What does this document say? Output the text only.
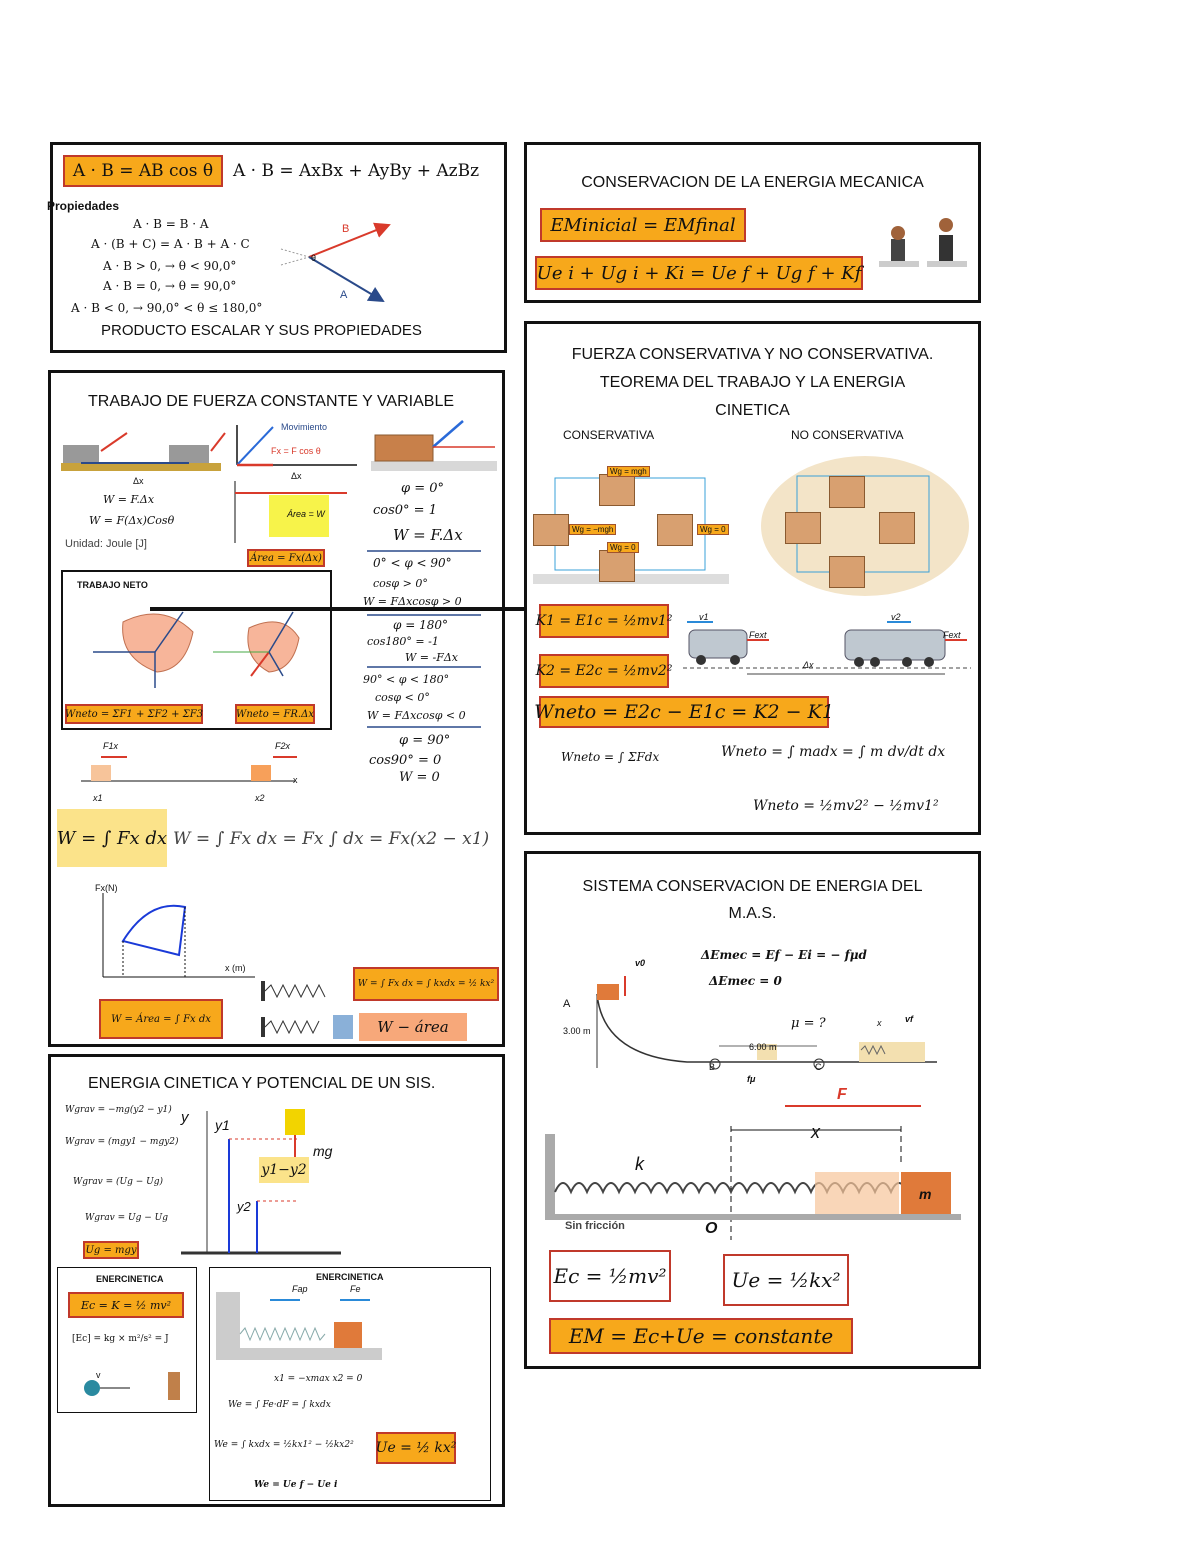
A · B = AB cos θ	A · B = AxBx + AyBy + AzBz
Propiedades
A · B = B · A
A · (B + C) = A · B + A · C
A · B > 0, → θ < 90,0°
A · B = 0, → θ = 90,0°
A · B < 0, → 90,0° < θ ≤ 180,0°
B
A
θ
PRODUCTO ESCALAR Y SUS PROPIEDADES
CONSERVACION DE LA ENERGIA MECANICA
EMinicial = EMfinal
Ue i + Ug i + Ki = Ue f + Ug f + Kf
TRABAJO DE FUERZA CONSTANTE Y VARIABLE
Δx
W = F.Δx
W = F(Δx)Cosθ
Unidad: Joule [J]
Movimiento
Fx = F cos θ
Δx
Área = W
Área = Fx(Δx)
φ = 0°
cos0° = 1
W = F.Δx
0° < φ < 90°
cosφ > 0°
W = FΔxcosφ > 0
φ = 180°
cos180° = -1
W = -FΔx
90° < φ < 180°
cosφ < 0°
W = FΔxcosφ < 0
φ = 90°
cos90° = 0
W = 0
TRABAJO NETO
Wneto = ΣF1 + ΣF2 + ΣF3	Wneto = FR.Δx
F1x	F2x
x
x1	x2
W = ∫ Fx dx W = ∫ Fx dx = Fx ∫ dx = Fx(x2 − x1)
Fx(N)
x (m)
W = Área = ∫ Fx dx
W = ∫ Fx dx = ∫ kxdx = ½ kx²
W − área
ENERGIA CINETICA Y POTENCIAL DE UN SIS.
Wgrav = −mg(y2 − y1)
Wgrav = (mgy1 − mgy2)
Wgrav = (Ug − Ug)
Wgrav = Ug − Ug
Ug = mgy
y y1
y2
mg
y1−y2
ENERCINETICA
Ec = K = ½ mv²
[Ec] = kg × m²/s² = J
v
ENERCINETICA
Fap	Fe
x1 = −xmax x2 = 0
We = ∫ Fe·dF = ∫ kxdx
We = ∫ kxdx = ½kx1² − ½kx2²
We = Ue f − Ue i
Ue = ½ kx²
FUERZA CONSERVATIVA Y NO CONSERVATIVA.
TEOREMA DEL TRABAJO Y LA ENERGIA
CINETICA
CONSERVATIVA	NO CONSERVATIVA
Wg = mgh
Wg = 0
Wg = −mgh	Wg = 0
K1 = E1c = ½mv1²
K2 = E2c = ½mv2²
v1	v2
Fext	Fext
Δx
Wneto = E2c − E1c = K2 − K1
Wneto = ∫ ΣFdx	Wneto = ∫ madx = ∫ m dv/dt dx
Wneto = ½mv2² − ½mv1²
SISTEMA CONSERVACION DE ENERGIA DEL
M.A.S.
v0
ΔEmec = Ef − Ei = − fμd
ΔEmec = 0
A
3.00 m	μ = ?	x	vf
6.00 m
B	C
fμ
F
x
k
m
O
Sin fricción
Ec = ½mv²	Ue = ½kx²
EM = Ec+Ue = constante
